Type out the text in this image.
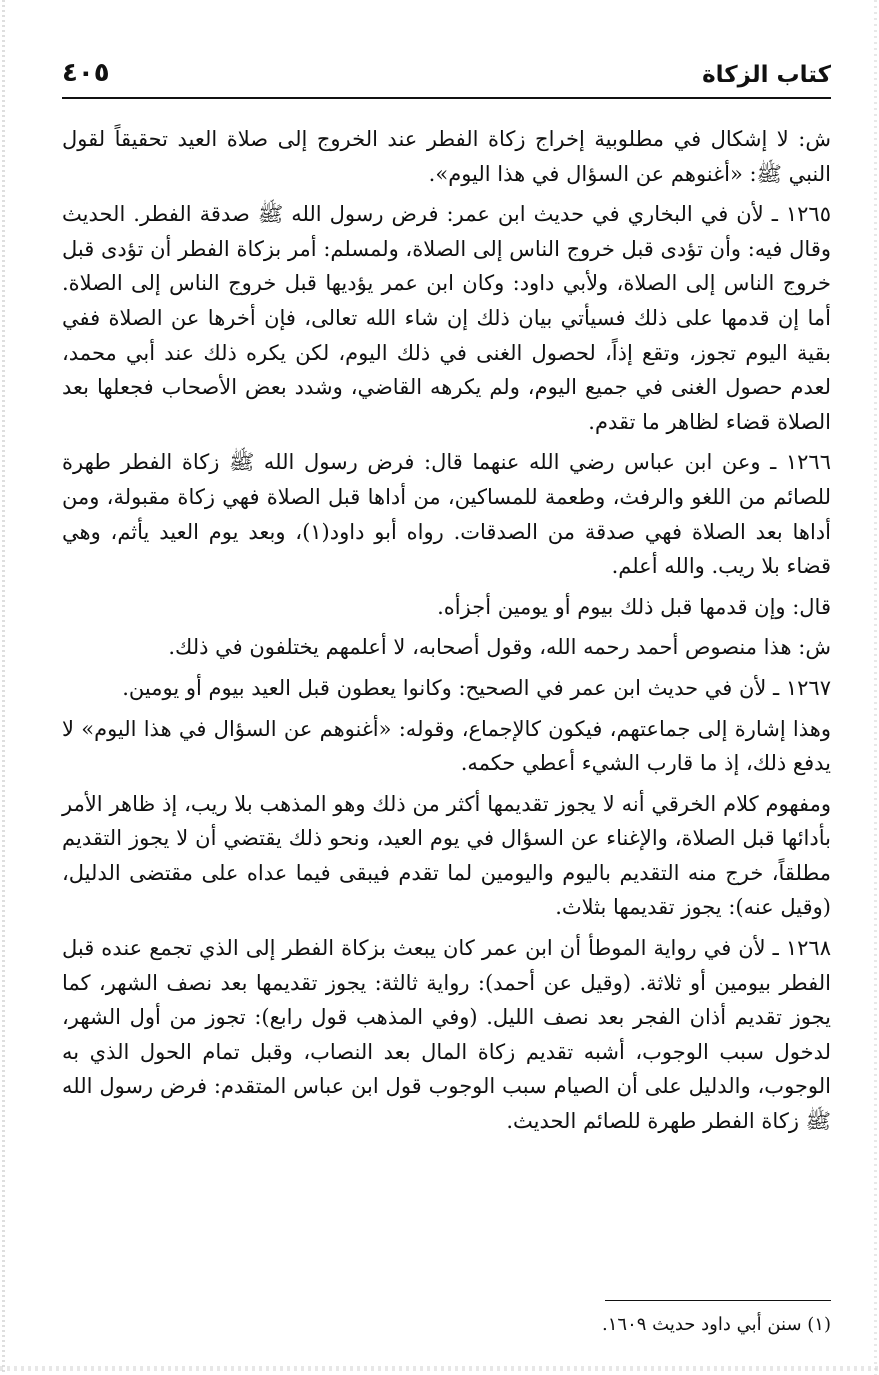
كتاب الزكاة
٤٠٥

ش: لا إشكال في مطلوبية إخراج زكاة الفطر عند الخروج إلى صلاة العيد تحقيقاً لقول النبي ﷺ: «أغنوهم عن السؤال في هذا اليوم».

١٢٦٥ ـ لأن في البخاري في حديث ابن عمر: فرض رسول الله ﷺ صدقة الفطر. الحديث وقال فيه: وأن تؤدى قبل خروج الناس إلى الصلاة، ولمسلم: أمر بزكاة الفطر أن تؤدى قبل خروج الناس إلى الصلاة، ولأبي داود: وكان ابن عمر يؤديها قبل خروج الناس إلى الصلاة. أما إن قدمها على ذلك فسيأتي بيان ذلك إن شاء الله تعالى، فإن أخرها عن الصلاة ففي بقية اليوم تجوز، وتقع إذاً، لحصول الغنى في ذلك اليوم، لكن يكره ذلك عند أبي محمد، لعدم حصول الغنى في جميع اليوم، ولم يكرهه القاضي، وشدد بعض الأصحاب فجعلها بعد الصلاة قضاء لظاهر ما تقدم.

١٢٦٦ ـ وعن ابن عباس رضي الله عنهما قال: فرض رسول الله ﷺ زكاة الفطر طهرة للصائم من اللغو والرفث، وطعمة للمساكين، من أداها قبل الصلاة فهي زكاة مقبولة، ومن أداها بعد الصلاة فهي صدقة من الصدقات. رواه أبو داود(١)، وبعد يوم العيد يأثم، وهي قضاء بلا ريب. والله أعلم.

قال: وإن قدمها قبل ذلك بيوم أو يومين أجزأه.

ش: هذا منصوص أحمد رحمه الله، وقول أصحابه، لا أعلمهم يختلفون في ذلك.

١٢٦٧ ـ لأن في حديث ابن عمر في الصحيح: وكانوا يعطون قبل العيد بيوم أو يومين.

وهذا إشارة إلى جماعتهم، فيكون كالإجماع، وقوله: «أغنوهم عن السؤال في هذا اليوم» لا يدفع ذلك، إذ ما قارب الشيء أعطي حكمه.

ومفهوم كلام الخرقي أنه لا يجوز تقديمها أكثر من ذلك وهو المذهب بلا ريب، إذ ظاهر الأمر بأدائها قبل الصلاة، والإغناء عن السؤال في يوم العيد، ونحو ذلك يقتضي أن لا يجوز التقديم مطلقاً، خرج منه التقديم باليوم واليومين لما تقدم فيبقى فيما عداه على مقتضى الدليل، (وقيل عنه): يجوز تقديمها بثلاث.

١٢٦٨ ـ لأن في رواية الموطأ أن ابن عمر كان يبعث بزكاة الفطر إلى الذي تجمع عنده قبل الفطر بيومين أو ثلاثة. (وقيل عن أحمد): رواية ثالثة: يجوز تقديمها بعد نصف الشهر، كما يجوز تقديم أذان الفجر بعد نصف الليل. (وفي المذهب قول رابع): تجوز من أول الشهر، لدخول سبب الوجوب، أشبه تقديم زكاة المال بعد النصاب، وقبل تمام الحول الذي به الوجوب، والدليل على أن الصيام سبب الوجوب قول ابن عباس المتقدم: فرض رسول الله ﷺ زكاة الفطر طهرة للصائم الحديث.

(١) سنن أبي داود حديث ١٦٠٩.
